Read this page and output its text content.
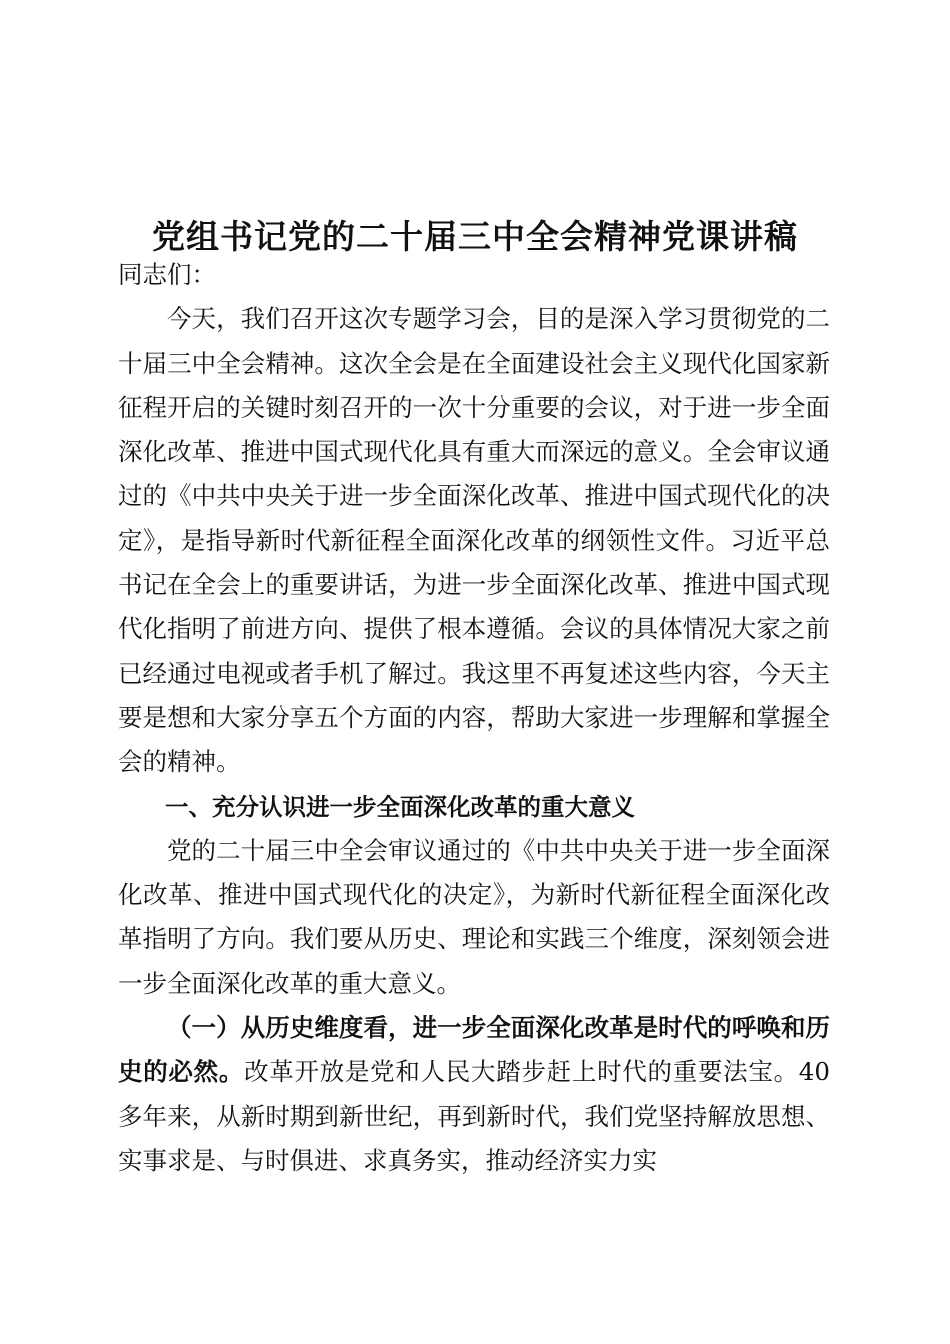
党组书记党的二十届三中全会精神党课讲稿

同志们：

今天，我们召开这次专题学习会，目的是深入学习贯彻党的二十届三中全会精神。这次全会是在全面建设社会主义现代化国家新征程开启的关键时刻召开的一次十分重要的会议，对于进一步全面深化改革、推进中国式现代化具有重大而深远的意义。全会审议通过的《中共中央关于进一步全面深化改革、推进中国式现代化的决定》，是指导新时代新征程全面深化改革的纲领性文件。习近平总书记在全会上的重要讲话，为进一步全面深化改革、推进中国式现代化指明了前进方向、提供了根本遵循。会议的具体情况大家之前已经通过电视或者手机了解过。我这里不再复述这些内容，今天主要是想和大家分享五个方面的内容，帮助大家进一步理解和掌握全会的精神。

一、充分认识进一步全面深化改革的重大意义

党的二十届三中全会审议通过的《中共中央关于进一步全面深化改革、推进中国式现代化的决定》，为新时代新征程全面深化改革指明了方向。我们要从历史、理论和实践三个维度，深刻领会进一步全面深化改革的重大意义。

（一）从历史维度看，进一步全面深化改革是时代的呼唤和历史的必然。改革开放是党和人民大踏步赶上时代的重要法宝。40多年来，从新时期到新世纪，再到新时代，我们党坚持解放思想、实事求是、与时俱进、求真务实，推动经济实力实
